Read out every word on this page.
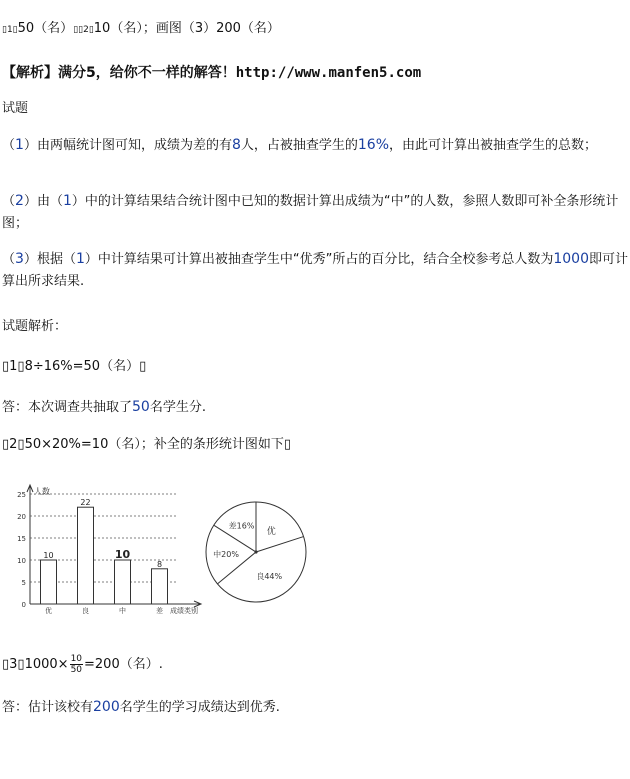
▯1▯50（名）▯▯2▯10（名）；画图（3）200（名）
【解析】满分5，给你不一样的解答！http://www.manfen5.com
试题
（1）由两幅统计图可知，成绩为差的有8人，占被抽查学生的16%，由此可计算出被抽查学生的总数；
（2）由（1）中的计算结果结合统计图中已知的数据计算出成绩为“中”的人数，参照人数即可补全条形统计图；
（3）根据（1）中计算结果可计算出被抽查学生中“优秀”所占的百分比，结合全校参考总人数为1000即可计算出所求结果.
试题解析：
▯1▯8÷16%=50（名）▯
答：本次调查共抽取了50名学生分.
▯2▯50×20%=10（名）；补全的条形统计图如下▯
人数
0
5
10
15
20
25
10
优
22
良
10
中
8
差 成绩类别
优
良44%
中20%
差16%
▯3▯1000× $\frac{10}{50} =200$（名）.
答：估计该校有200名学生的学习成绩达到优秀.
